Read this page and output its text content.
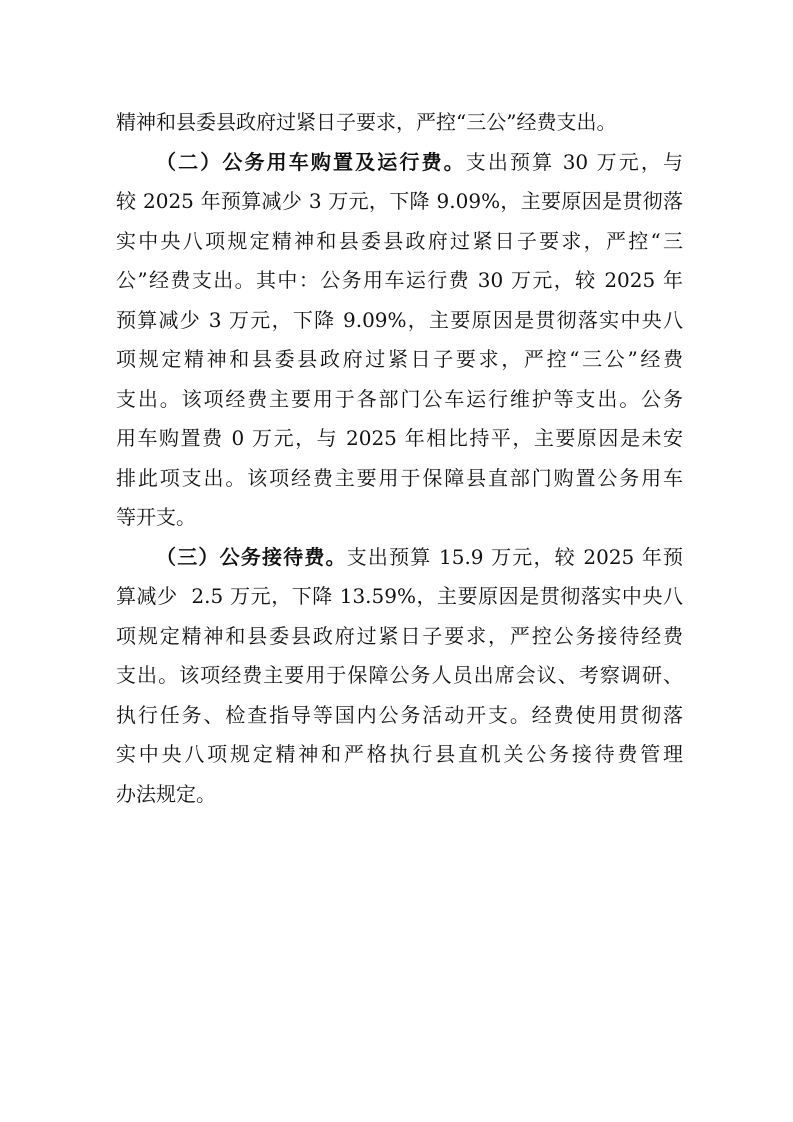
精神和县委县政府过紧日子要求，严控“三公”经费支出。
（二）公务用车购置及运行费。支出预算 30 万元，与
较 2025 年预算减少 3 万元，下降 9.09%，主要原因是贯彻落
实中央八项规定精神和县委县政府过紧日子要求，严控“三
公”经费支出。其中：公务用车运行费 30 万元，较 2025 年
预算减少 3 万元，下降 9.09%，主要原因是贯彻落实中央八
项规定精神和县委县政府过紧日子要求，严控“三公”经费
支出。该项经费主要用于各部门公车运行维护等支出。公务
用车购置费 0 万元，与 2025 年相比持平，主要原因是未安
排此项支出。该项经费主要用于保障县直部门购置公务用车
等开支。
（三）公务接待费。支出预算 15.9 万元，较 2025 年预
算减少  2.5 万元，下降 13.59%，主要原因是贯彻落实中央八
项规定精神和县委县政府过紧日子要求，严控公务接待经费
支出。该项经费主要用于保障公务人员出席会议、考察调研、
执行任务、检查指导等国内公务活动开支。经费使用贯彻落
实中央八项规定精神和严格执行县直机关公务接待费管理
办法规定。
